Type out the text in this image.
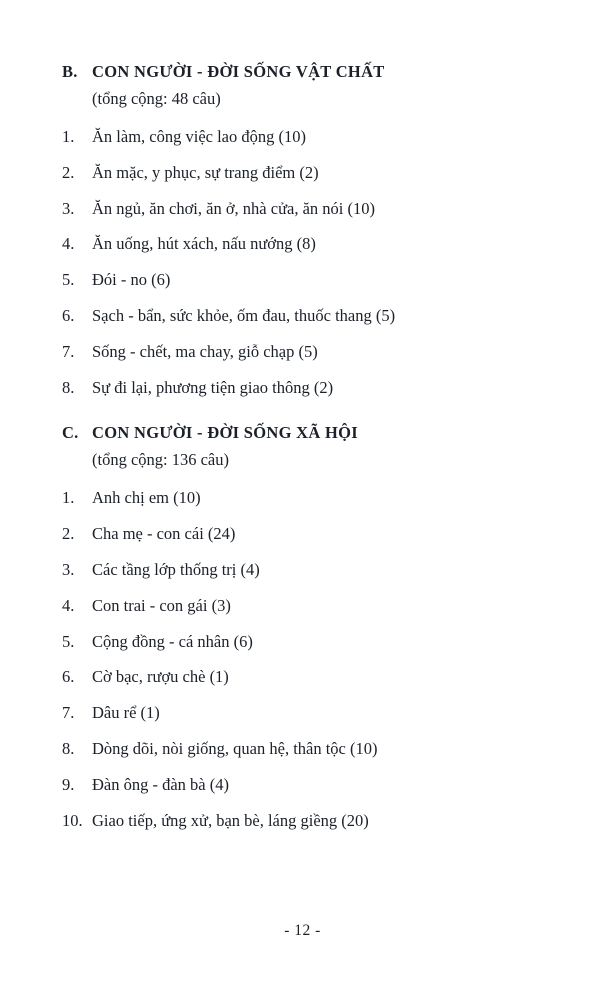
B. CON NGƯỜI - ĐỜI SỐNG VẬT CHẤT
(tổng cộng: 48 câu)
1.	Ăn làm, công việc lao động (10)
2.	Ăn mặc, y phục, sự trang điểm (2)
3.	Ăn ngủ, ăn chơi, ăn ở, nhà cửa, ăn nói (10)
4.	Ăn uống, hút xách, nấu nướng (8)
5.	Đói - no (6)
6.	Sạch - bẩn, sức khỏe, ốm đau, thuốc thang (5)
7.	Sống - chết, ma chay, giỗ chạp (5)
8.	Sự đi lại, phương tiện giao thông (2)
C. CON NGƯỜI - ĐỜI SỐNG XÃ HỘI
(tổng cộng: 136 câu)
1.	Anh chị em (10)
2.	Cha mẹ - con cái (24)
3.	Các tầng lớp thống trị (4)
4.	Con trai - con gái (3)
5.	Cộng đồng - cá nhân (6)
6.	Cờ bạc, rượu chè (1)
7.	Dâu rể (1)
8.	Dòng dõi, nòi giống, quan hệ, thân tộc (10)
9.	Đàn ông - đàn bà (4)
10. Giao tiếp, ứng xử, bạn bè, láng giềng (20)
- 12 -
